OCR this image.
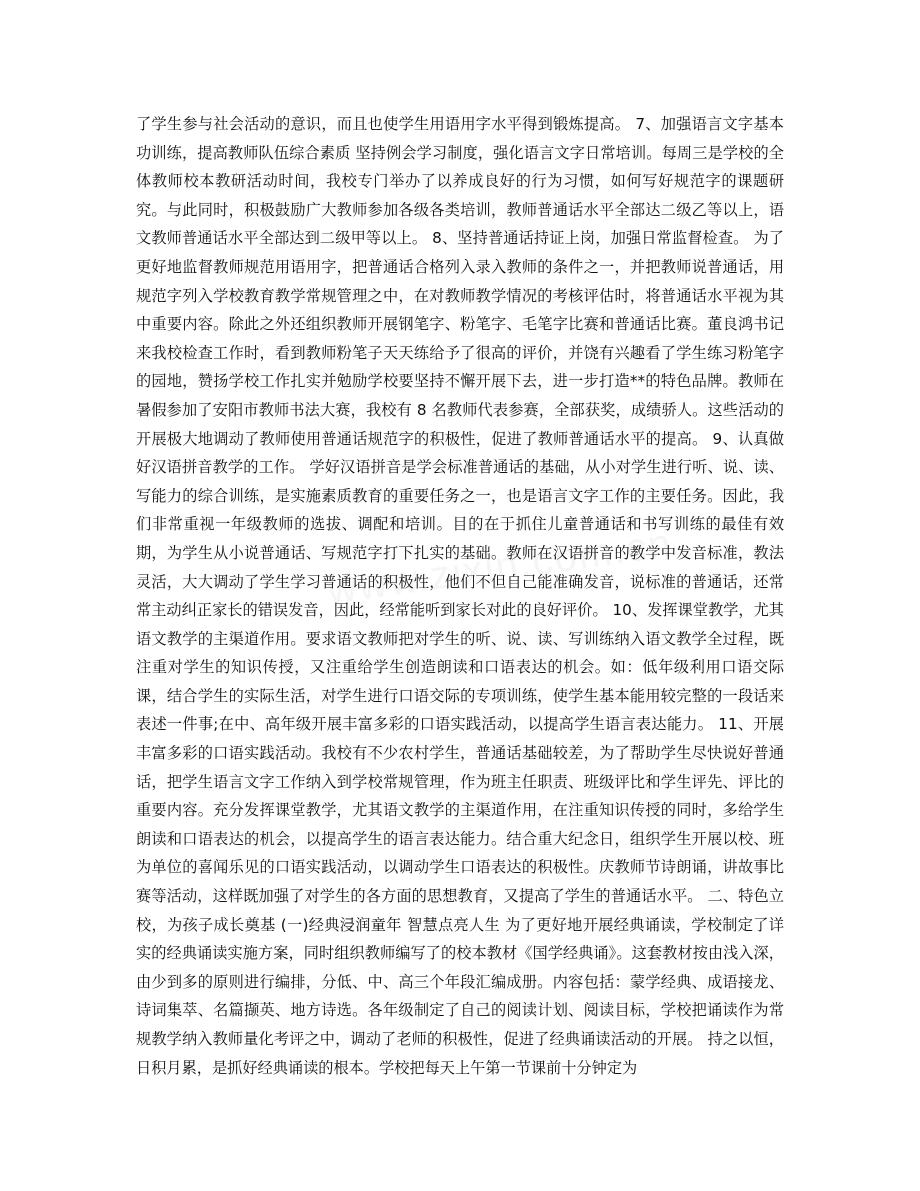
了学生参与社会活动的意识，而且也使学生用语用字水平得到锻炼提高。 7、加强语言文字基本功训练，提高教师队伍综合素质 坚持例会学习制度，强化语言文字日常培训。每周三是学校的全体教师校本教研活动时间，我校专门举办了以养成良好的行为习惯，如何写好规范字的课题研究。与此同时，积极鼓励广大教师参加各级各类培训，教师普通话水平全部达二级乙等以上，语文教师普通话水平全部达到二级甲等以上。 8、坚持普通话持证上岗，加强日常监督检查。 为了更好地监督教师规范用语用字，把普通话合格列入录入教师的条件之一，并把教师说普通话，用规范字列入学校教育教学常规管理之中，在对教师教学情况的考核评估时，将普通话水平视为其中重要内容。除此之外还组织教师开展钢笔字、粉笔字、毛笔字比赛和普通话比赛。董良鸿书记来我校检查工作时，看到教师粉笔子天天练给予了很高的评价，并饶有兴趣看了学生练习粉笔字的园地，赞扬学校工作扎实并勉励学校要坚持不懈开展下去，进一步打造**的特色品牌。教师在暑假参加了安阳市教师书法大赛，我校有 8 名教师代表参赛，全部获奖，成绩骄人。这些活动的开展极大地调动了教师使用普通话规范字的积极性，促进了教师普通话水平的提高。 9、认真做好汉语拼音教学的工作。 学好汉语拼音是学会标准普通话的基础，从小对学生进行听、说、读、写能力的综合训练，是实施素质教育的重要任务之一，也是语言文字工作的主要任务。因此，我们非常重视一年级教师的选拔、调配和培训。目的在于抓住儿童普通话和书写训练的最佳有效期，为学生从小说普通话、写规范字打下扎实的基础。教师在汉语拼音的教学中发音标准，教法灵活，大大调动了学生学习普通话的积极性，他们不但自己能准确发音，说标准的普通话，还常常主动纠正家长的错误发音，因此，经常能听到家长对此的良好评价。 10、发挥课堂教学，尤其语文教学的主渠道作用。要求语文教师把对学生的听、说、读、写训练纳入语文教学全过程，既注重对学生的知识传授，又注重给学生创造朗读和口语表达的机会。如：低年级利用口语交际课，结合学生的实际生活，对学生进行口语交际的专项训练，使学生基本能用较完整的一段话来表述一件事;在中、高年级开展丰富多彩的口语实践活动，以提高学生语言表达能力。 11、开展丰富多彩的口语实践活动。我校有不少农村学生，普通话基础较差，为了帮助学生尽快说好普通话，把学生语言文字工作纳入到学校常规管理，作为班主任职责、班级评比和学生评先、评比的重要内容。充分发挥课堂教学，尤其语文教学的主渠道作用，在注重知识传授的同时，多给学生朗读和口语表达的机会，以提高学生的语言表达能力。结合重大纪念日，组织学生开展以校、班为单位的喜闻乐见的口语实践活动，以调动学生口语表达的积极性。庆教师节诗朗诵，讲故事比赛等活动，这样既加强了对学生的各方面的思想教育，又提高了学生的普通话水平。 二、特色立校，为孩子成长奠基 (一)经典浸润童年 智慧点亮人生 为了更好地开展经典诵读，学校制定了详实的经典诵读实施方案，同时组织教师编写了的校本教材《国学经典诵》。这套教材按由浅入深，由少到多的原则进行编排，分低、中、高三个年段汇编成册。内容包括：蒙学经典、成语接龙、诗词集萃、名篇撷英、地方诗选。各年级制定了自己的阅读计划、阅读目标，学校把诵读作为常规教学纳入教师量化考评之中，调动了老师的积极性，促进了经典诵读活动的开展。 持之以恒，日积月累，是抓好经典诵读的根本。学校把每天上午第一节课前十分钟定为
